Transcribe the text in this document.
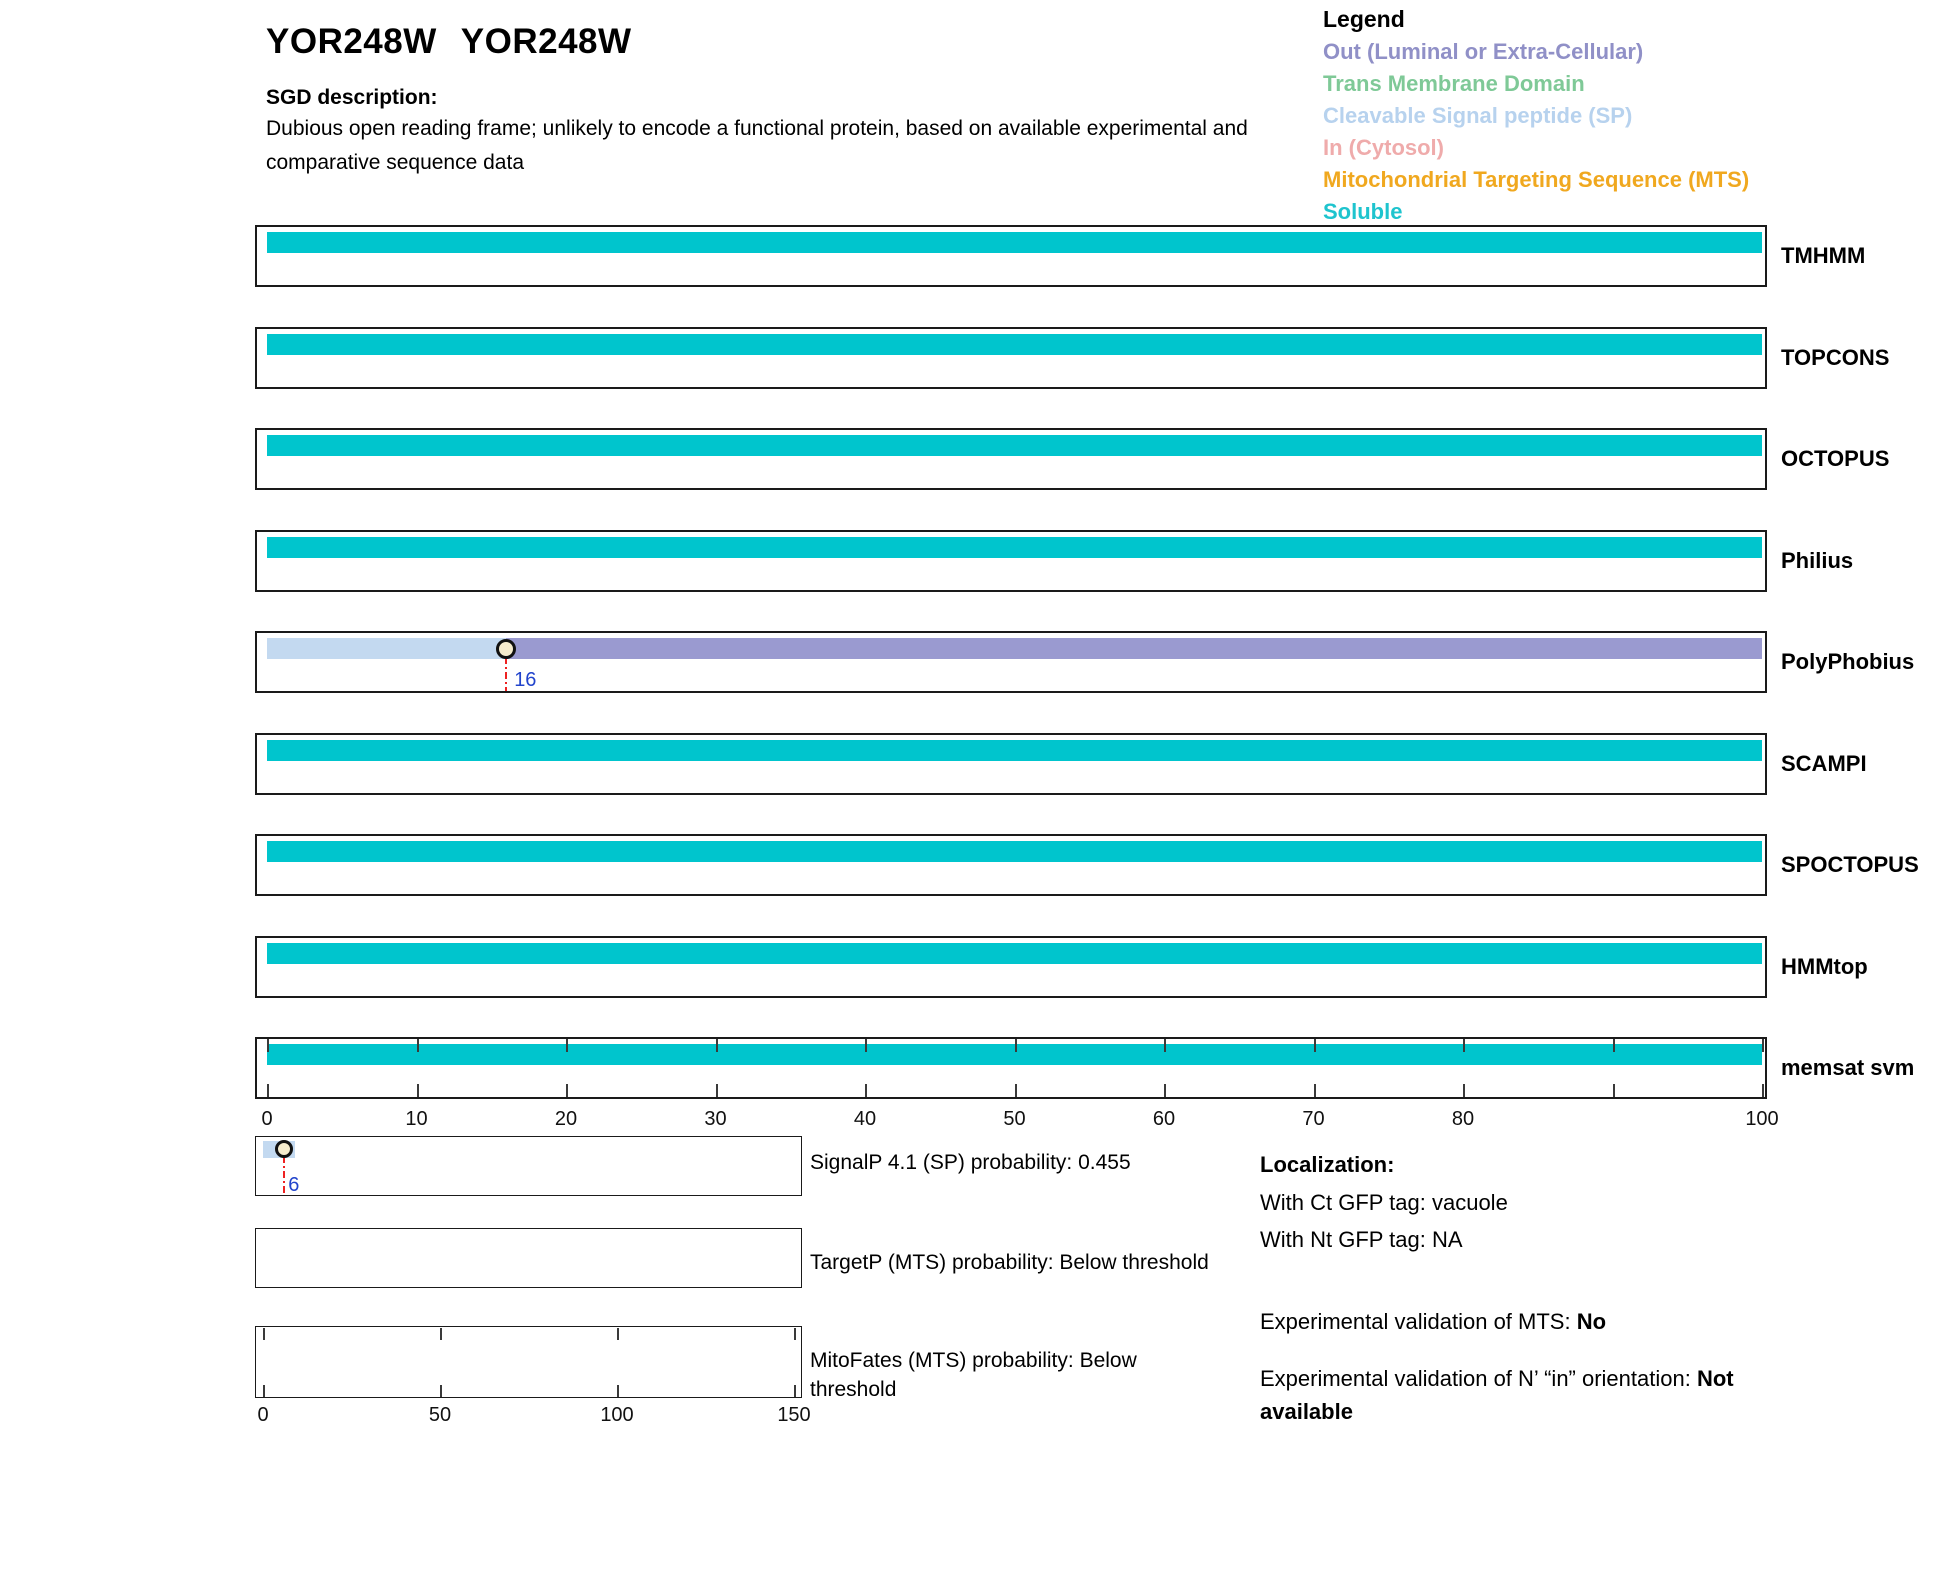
YOR248W YOR248W
SGD description:
Dubious open reading frame; unlikely to encode a functional protein, based on available experimental and comparative sequence data
Legend
Out (Luminal or Extra-Cellular)
Trans Membrane Domain
Cleavable Signal peptide (SP)
In (Cytosol)
Mitochondrial Targeting Sequence (MTS)
Soluble
TMHMM
TOPCONS
OCTOPUS
Philius
16
PolyPhobius
SCAMPI
SPOCTOPUS
HMMtop
0	10	20	30	40	50	60	70	80	100
memsat svm
6
SignalP 4.1 (SP) probability: 0.455
TargetP (MTS) probability: Below threshold
0	50	100	150
MitoFates (MTS) probability: Below threshold
Localization:
With Ct GFP tag: vacuole
With Nt GFP tag: NA
Experimental validation of MTS: No
Experimental validation of N’ “in” orientation: Not available
